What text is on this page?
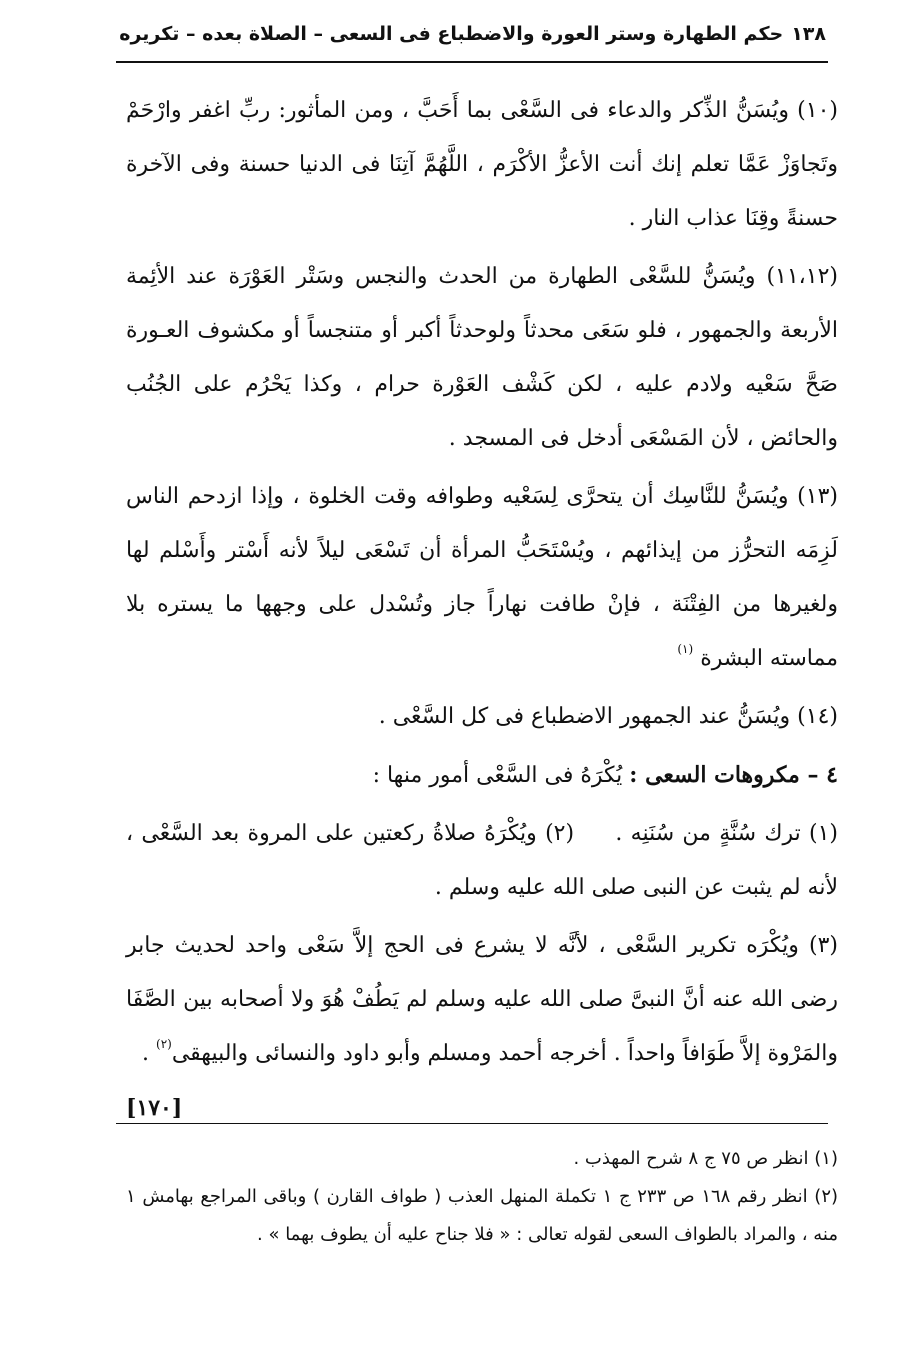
١٣٨
حكم الطهارة وستر العورة والاضطباع فى السعى – الصلاة بعده – تكريره

(١٠) ويُسَنُّ الذِّكر والدعاء فى السَّعْى بما أَحَبَّ ، ومن المأثور: ربِّ اغفر وارْحَمْ وتَجاوَزْ عَمَّا تعلم إنك أنت الأعزُّ الأكْرَم ، اللَّهُمَّ آتِنَا فى الدنيا حسنة وفى الآخرة حسنةً وقِنَا عذاب النار .

(١١،١٢) ويُسَنُّ للسَّعْى الطهارة من الحدث والنجس وسَتْر العَوْرَة عند الأئِمة الأربعة والجمهور ، فلو سَعَى محدثاً ولوحدثاً أكبر أو متنجساً أو مكشوف العـورة صَحَّ سَعْيه ولادم عليه ، لكن كَشْف العَوْرة حرام ، وكذا يَحْرُم على الجُنُب والحائض ، لأن المَسْعَى أدخل فى المسجد .

(١٣) ويُسَنُّ للنَّاسِك أن يتحرَّى لِسَعْيه وطوافه وقت الخلوة ، وإذا ازدحم الناس لَزِمَه التحرُّز من إيذائهم ، ويُسْتَحَبُّ المرأة أن تَسْعَى ليلاً لأنه أَسْتر وأَسْلم لها ولغيرها من الفِتْنَة ، فإنْ طافت نهاراً جاز وتُسْدل على وجهها ما يستره بلا مماسته البشرة $^{(١)}$

(١٤) ويُسَنُّ عند الجمهور الاضطباع فى كل السَّعْى .

٤ – مكروهات السعى : يُكْرَهُ فى السَّعْى أمور منها :

(١) ترك سُنَّةٍ من سُنَنِه .     (٢) ويُكْرَهُ صلاةُ ركعتين على المروة بعد السَّعْى ، لأنه لم يثبت عن النبى صلى الله عليه وسلم .

(٣) ويُكْرَه تكرير السَّعْى ، لأنَّه لا يشرع فى الحج إلاَّ سَعْى واحد لحديث جابر رضى الله عنه أنَّ النبىَّ صلى الله عليه وسلم لم يَطُفْ هُوَ ولا أصحابه بين الصَّفَا والمَرْوة إلاَّ طَوَافاً واحداً . أخرجه أحمد ومسلم وأبو داود والنسائى والبيهقى$^{(٢)}$ .
[١٧٠]

(١) انظر ص ٧٥ ج ٨ شرح المهذب .

(٢) انظر رقم ١٦٨ ص ٢٣٣ ج ١ تكملة المنهل العذب ( طواف القارن ) وباقى المراجع بهامش ١ منه ، والمراد بالطواف السعى لقوله تعالى : « فلا جناح عليه أن يطوف بهما » .
